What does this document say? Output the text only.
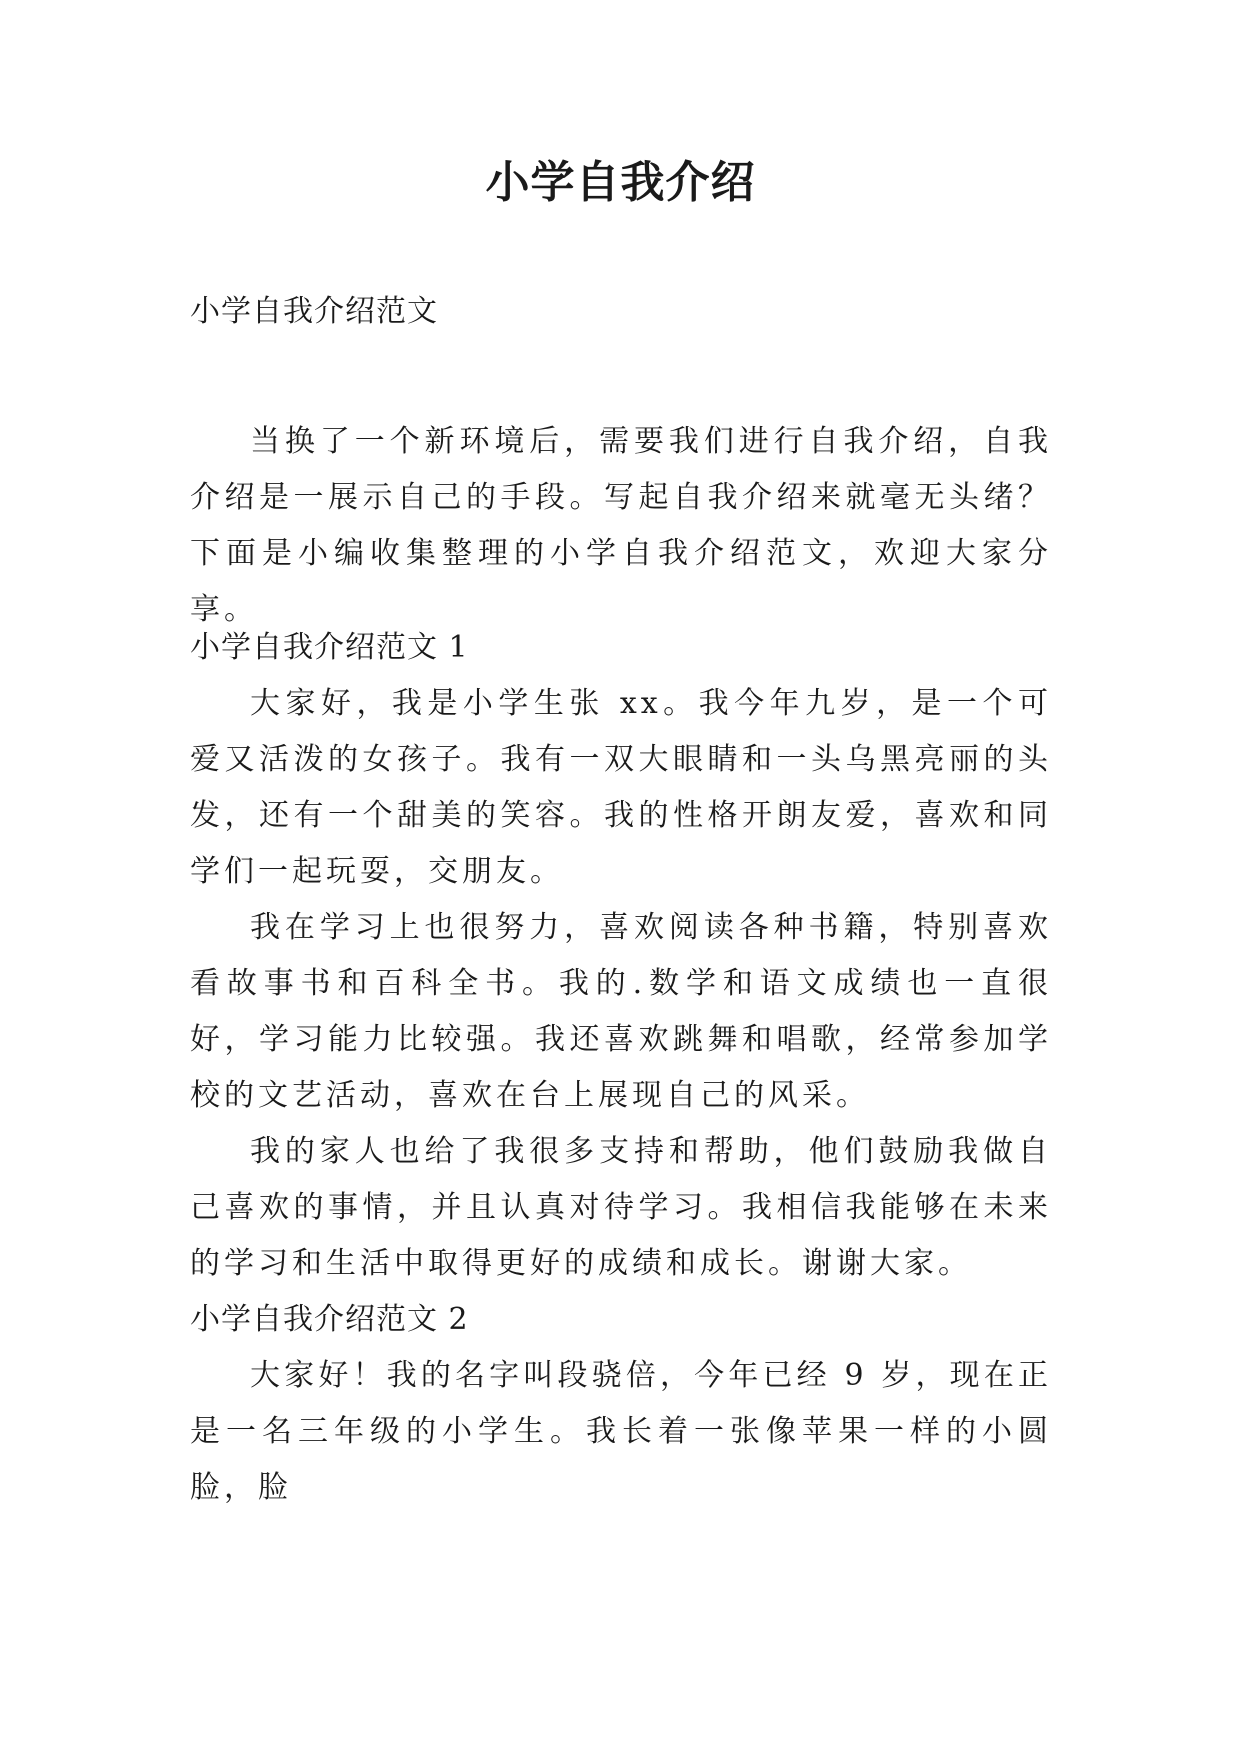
小学自我介绍

小学自我介绍范文

当换了一个新环境后，需要我们进行自我介绍，自我介绍是一展示自己的手段。写起自我介绍来就毫无头绪？下面是小编收集整理的小学自我介绍范文，欢迎大家分享。

小学自我介绍范文 1

大家好，我是小学生张 xx。我今年九岁，是一个可爱又活泼的女孩子。我有一双大眼睛和一头乌黑亮丽的头发，还有一个甜美的笑容。我的性格开朗友爱，喜欢和同学们一起玩耍，交朋友。

我在学习上也很努力，喜欢阅读各种书籍，特别喜欢看故事书和百科全书。我的.数学和语文成绩也一直很好，学习能力比较强。我还喜欢跳舞和唱歌，经常参加学校的文艺活动，喜欢在台上展现自己的风采。

我的家人也给了我很多支持和帮助，他们鼓励我做自己喜欢的事情，并且认真对待学习。我相信我能够在未来的学习和生活中取得更好的成绩和成长。谢谢大家。

小学自我介绍范文 2

大家好！我的名字叫段骁倍，今年已经 9 岁，现在正是一名三年级的小学生。我长着一张像苹果一样的小圆脸，脸
